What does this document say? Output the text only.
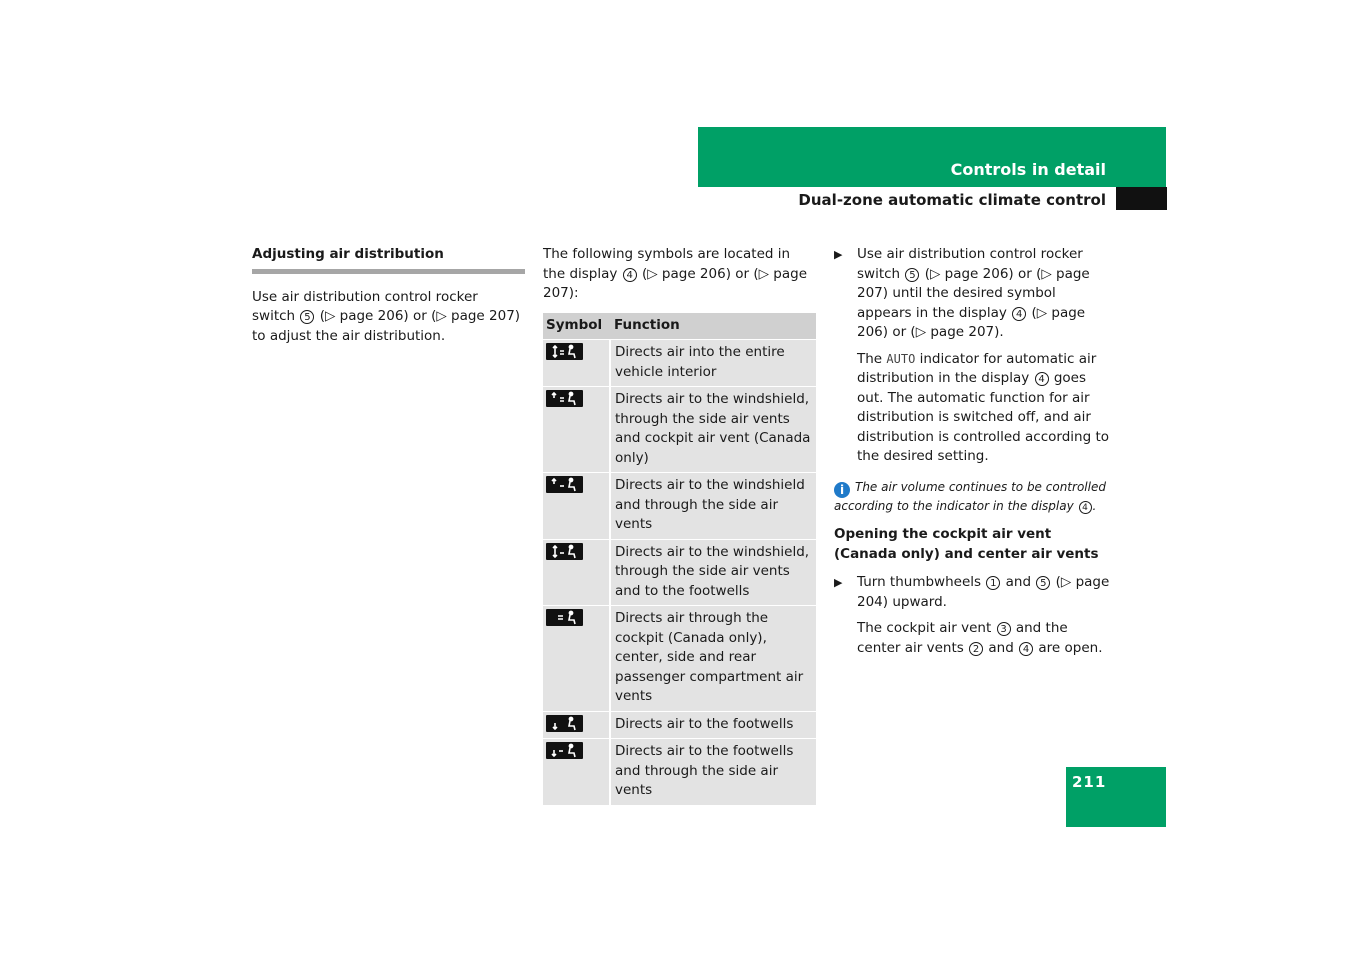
Controls in detail
Dual-zone automatic climate control
Adjusting air distribution

Use air distribution control rocker switch 5 (▷ page 206) or (▷ page 207) to adjust the air distribution.

The following symbols are located in the display 4 (▷ page 206) or (▷ page 207):

Symbol	Function

	Directs air into the entire vehicle interior

	Directs air to the windshield, through the side air vents and cockpit air vent (Canada only)

	Directs air to the windshield and through the side air vents

	Directs air to the windshield, through the side air vents and to the footwells

	Directs air through the cockpit (Canada only), center, side and rear passenger compartment air vents

	Directs air to the footwells

	Directs air to the footwells and through the side air vents
▶ Use air distribution control rocker switch 5 (▷ page 206) or (▷ page 207) until the desired symbol appears in the display 4 (▷ page 206) or (▷ page 207).
The AUTO indicator for automatic air distribution in the display 4 goes out. The automatic function for air distribution is switched off, and air distribution is controlled according to the desired setting.
i The air volume continues to be controlled according to the indicator in the display 4 .
Opening the cockpit air vent (Canada only) and center air vents
▶ Turn thumbwheels 1 and 5 (▷ page 204) upward.
The cockpit air vent 3 and the center air vents 2 and 4 are open.
211
